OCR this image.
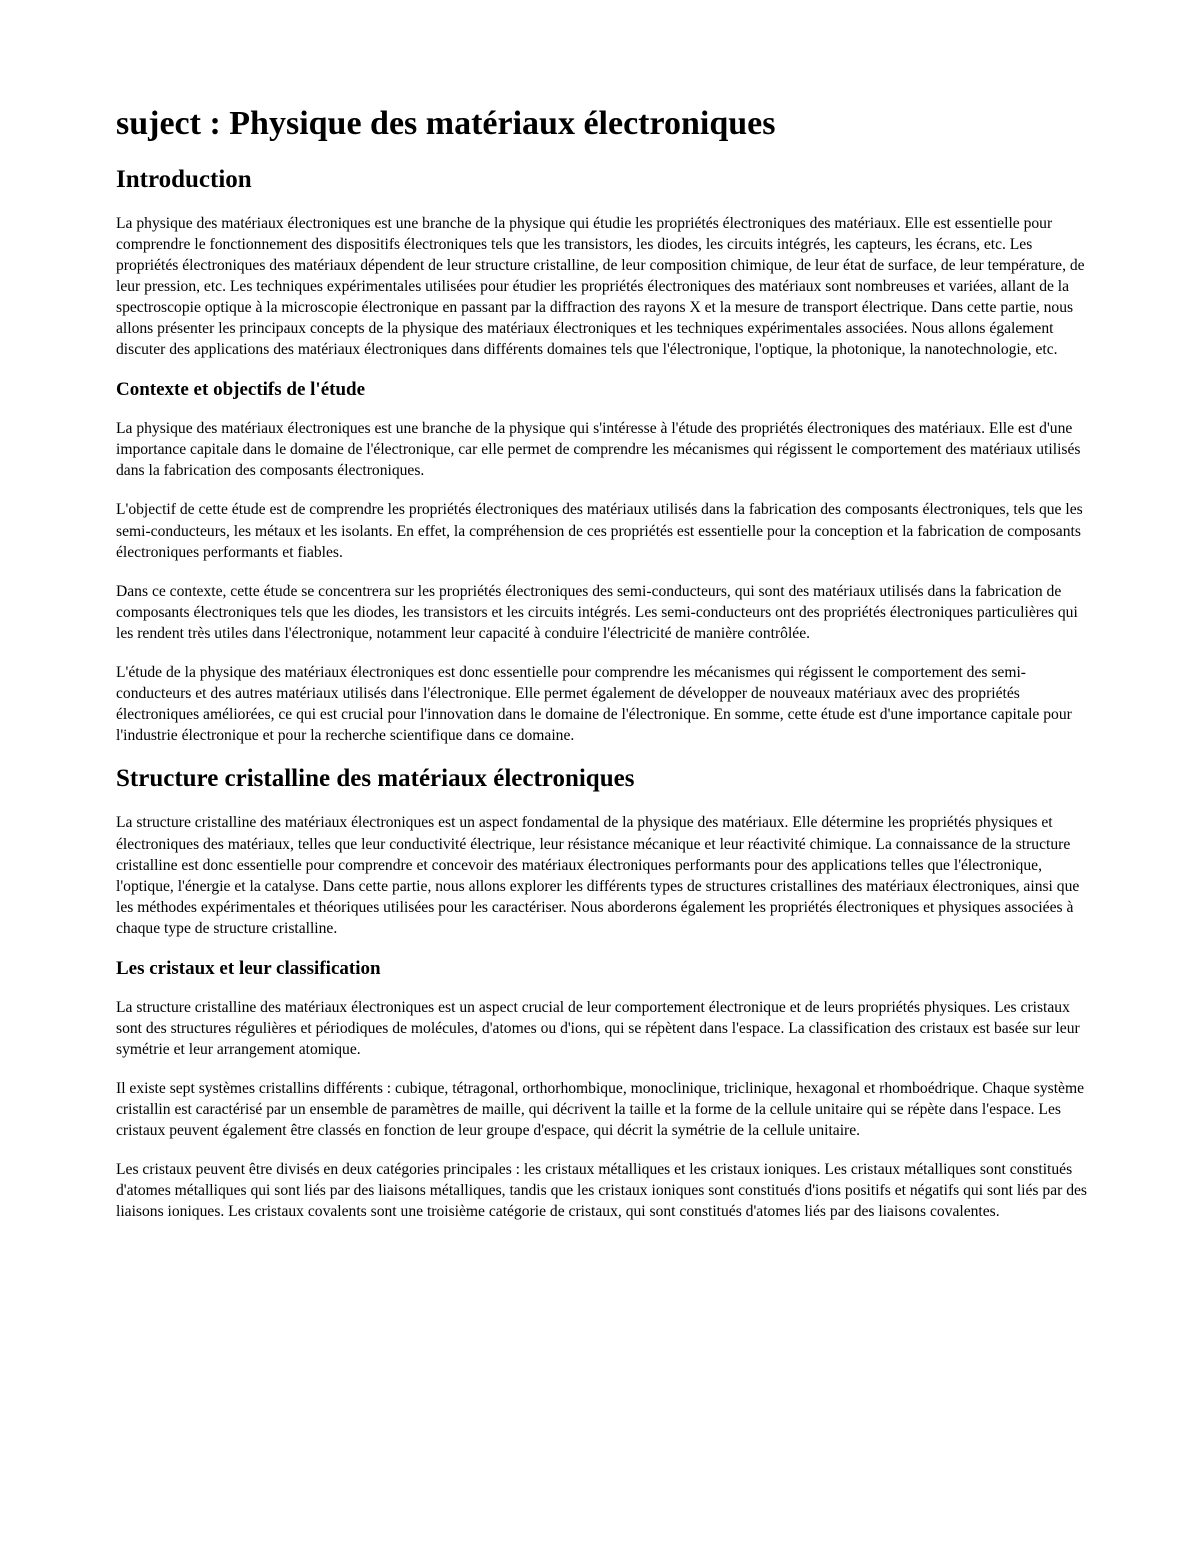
suject : Physique des matériaux électroniques
Introduction

La physique des matériaux électroniques est une branche de la physique qui étudie les propriétés électroniques des matériaux. Elle est essentielle pour comprendre le fonctionnement des dispositifs électroniques tels que les transistors, les diodes, les circuits intégrés, les capteurs, les écrans, etc. Les propriétés électroniques des matériaux dépendent de leur structure cristalline, de leur composition chimique, de leur état de surface, de leur température, de leur pression, etc. Les techniques expérimentales utilisées pour étudier les propriétés électroniques des matériaux sont nombreuses et variées, allant de la spectroscopie optique à la microscopie électronique en passant par la diffraction des rayons X et la mesure de transport électrique. Dans cette partie, nous allons présenter les principaux concepts de la physique des matériaux électroniques et les techniques expérimentales associées. Nous allons également discuter des applications des matériaux électroniques dans différents domaines tels que l'électronique, l'optique, la photonique, la nanotechnologie, etc.

Contexte et objectifs de l'étude

La physique des matériaux électroniques est une branche de la physique qui s'intéresse à l'étude des propriétés électroniques des matériaux. Elle est d'une importance capitale dans le domaine de l'électronique, car elle permet de comprendre les mécanismes qui régissent le comportement des matériaux utilisés dans la fabrication des composants électroniques.

L'objectif de cette étude est de comprendre les propriétés électroniques des matériaux utilisés dans la fabrication des composants électroniques, tels que les semi-conducteurs, les métaux et les isolants. En effet, la compréhension de ces propriétés est essentielle pour la conception et la fabrication de composants électroniques performants et fiables.

Dans ce contexte, cette étude se concentrera sur les propriétés électroniques des semi-conducteurs, qui sont des matériaux utilisés dans la fabrication de composants électroniques tels que les diodes, les transistors et les circuits intégrés. Les semi-conducteurs ont des propriétés électroniques particulières qui les rendent très utiles dans l'électronique, notamment leur capacité à conduire l'électricité de manière contrôlée.

L'étude de la physique des matériaux électroniques est donc essentielle pour comprendre les mécanismes qui régissent le comportement des semi-conducteurs et des autres matériaux utilisés dans l'électronique. Elle permet également de développer de nouveaux matériaux avec des propriétés électroniques améliorées, ce qui est crucial pour l'innovation dans le domaine de l'électronique. En somme, cette étude est d'une importance capitale pour l'industrie électronique et pour la recherche scientifique dans ce domaine.

Structure cristalline des matériaux électroniques

La structure cristalline des matériaux électroniques est un aspect fondamental de la physique des matériaux. Elle détermine les propriétés physiques et électroniques des matériaux, telles que leur conductivité électrique, leur résistance mécanique et leur réactivité chimique. La connaissance de la structure cristalline est donc essentielle pour comprendre et concevoir des matériaux électroniques performants pour des applications telles que l'électronique, l'optique, l'énergie et la catalyse. Dans cette partie, nous allons explorer les différents types de structures cristallines des matériaux électroniques, ainsi que les méthodes expérimentales et théoriques utilisées pour les caractériser. Nous aborderons également les propriétés électroniques et physiques associées à chaque type de structure cristalline.

Les cristaux et leur classification

La structure cristalline des matériaux électroniques est un aspect crucial de leur comportement électronique et de leurs propriétés physiques. Les cristaux sont des structures régulières et périodiques de molécules, d'atomes ou d'ions, qui se répètent dans l'espace. La classification des cristaux est basée sur leur symétrie et leur arrangement atomique.

Il existe sept systèmes cristallins différents : cubique, tétragonal, orthorhombique, monoclinique, triclinique, hexagonal et rhomboédrique. Chaque système cristallin est caractérisé par un ensemble de paramètres de maille, qui décrivent la taille et la forme de la cellule unitaire qui se répète dans l'espace. Les cristaux peuvent également être classés en fonction de leur groupe d'espace, qui décrit la symétrie de la cellule unitaire.

Les cristaux peuvent être divisés en deux catégories principales : les cristaux métalliques et les cristaux ioniques. Les cristaux métalliques sont constitués d'atomes métalliques qui sont liés par des liaisons métalliques, tandis que les cristaux ioniques sont constitués d'ions positifs et négatifs qui sont liés par des liaisons ioniques. Les cristaux covalents sont une troisième catégorie de cristaux, qui sont constitués d'atomes liés par des liaisons covalentes.
